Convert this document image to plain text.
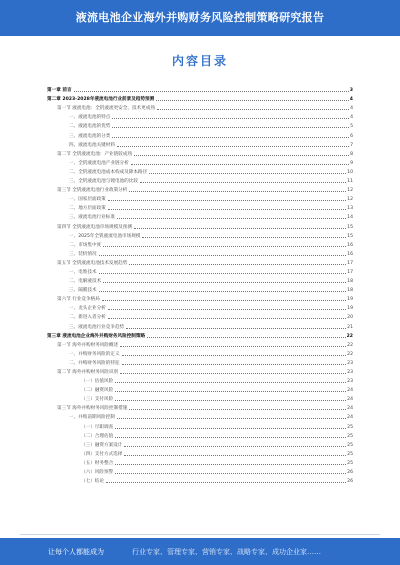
液流电池企业海外并购财务风险控制策略研究报告
内容目录
第一章 前言	3
第二章 2023-2028年液流电池行业前景及趋势预测	4
第一节 液流电池：全钒液流更安全、技术更成熟	4
一、液流电池的特点	4
二、液流电池的优势	5
三、液流电池的分类	6
四、液流电池关键材料	7
第二节 全钒液流电池：产业链较成熟	8
一、全钒液流电池产业链分析	9
二、全钒液流电池成本构成及降本路径	10
三、全钒液流电池与锂电池的比较	11
第三节 全钒液流电池行业政策分析	12
一、国家层面政策	12
二、地方层面政策	13
三、液流电池行业标准	14
第四节 全钒液流电池市场规模及预测	15
一、2025年全钒液流电池市场规模	15
二、市场集中度	16
三、装机情况	16
第五节 全钒液流电池技术发展趋势	17
一、电堆技术	17
二、电解液技术	18
三、隔膜技术	18
第六节 行业竞争格局	19
一、龙头企业分析	19
二、新进入者分析	20
三、液流电池行业竞争趋势	21
第三章 液流电池企业海外并购财务风险控制策略	22
第一节 海外并购财务风险概述	22
一、并购财务风险的定义	22
二、并购财务风险的特征	23
第二节 海外并购财务风险识别	23
（一）估值风险	23
（二）融资风险	24
（三）支付风险	24
第三节 海外并购财务风险控制措施	24
一、并购前期风险控制	24
（一）尽职调查	25
（二）合理估值	25
（三）融资方案设计	25
（四）支付方式选择	25
（五）财务整合	25
（六）风险预警	26
（七）结论	26
让每个人都能成为	行业专家、管理专家、营销专家、战略专家、成功企业家……
